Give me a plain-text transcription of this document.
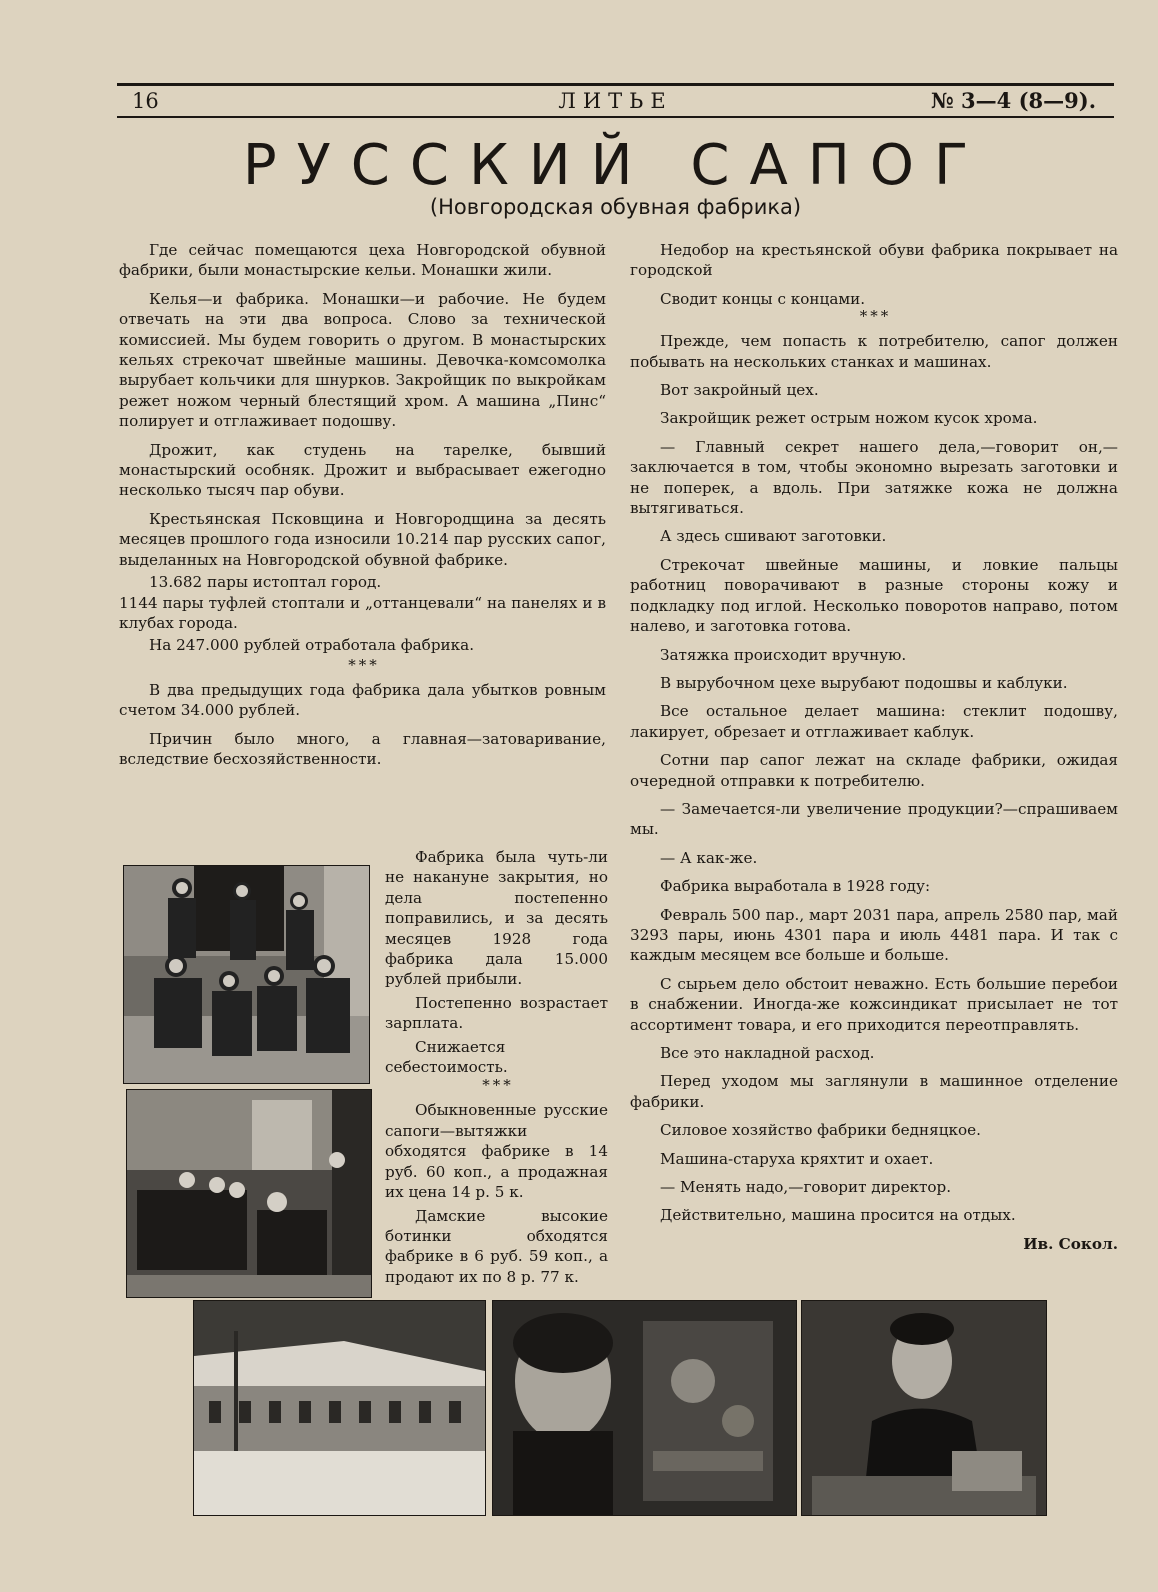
16	ЛИТЬЕ	№ 3—4 (8—9).
РУССКИЙ САПОГ
(Новгородская обувная фабрика)

Где сейчас помещаются цеха Новгородской обувной фабрики, были монастырские кельи. Монашки жили.

Келья—и фабрика. Монашки—и рабочие. Не будем отвечать на эти два вопроса. Слово за технической комиссией. Мы будем говорить о другом. В монастырских кельях стрекочат швейные машины. Девочка-комсомолка вырубает кольчики для шнурков. Закройщик по выкройкам режет ножом черный блестящий хром. А машина „Пинс“ полирует и отглаживает подошву.

Дрожит, как студень на тарелке, бывший монастырский особняк. Дрожит и выбрасывает ежегодно несколько тысяч пар обуви.

Крестьянская Псковщина и Новгородщина за десять месяцев прошлого года износили 10.214 пар русских сапог, выделанных на Новгородской обувной фабрике.

13.682 пары истоптал город.

1144 пары туфлей стоптали и „оттанцевали“ на панелях и в клубах города.

На 247.000 рублей отработала фабрика.

* * *

В два предыдущих года фабрика дала убытков ровным счетом 34.000 рублей.

Причин было много, а главная—затоваривание, вследствие бесхозяйственности.

Фабрика была чуть-ли не накануне закрытия, но дела постепенно поправились, и за десять месяцев 1928 года фабрика дала 15.000 рублей прибыли.

Постепенно возрастает зарплата.

Снижается себестоимость.

* * *

Обыкновенные русские сапоги—вытяжки обходятся фабрике в 14 руб. 60 коп., а продажная их цена 14 р. 5 к.

Дамские высокие ботинки обходятся фабрике в 6 руб. 59 коп., а продают их по 8 р. 77 к.

Недобор на крестьянской обуви фабрика покрывает на городской

Сводит концы с концами.

* * *

Прежде, чем попасть к потребителю, сапог должен побывать на нескольких станках и машинах.

Вот закройный цех.

Закройщик режет острым ножом кусок хрома.

— Главный секрет нашего дела,—говорит он,— заключается в том, чтобы экономно вырезать заготовки и не поперек, а вдоль. При затяжке кожа не должна вытягиваться.

А здесь сшивают заготовки.

Стрекочат швейные машины, и ловкие пальцы работниц поворачивают в разные стороны кожу и подкладку под иглой. Несколько поворотов направо, потом налево, и заготовка готова.

Затяжка происходит вручную.

В вырубочном цехе вырубают подошвы и каблуки.

Все остальное делает машина: стеклит подошву, лакирует, обрезает и отглаживает каблук.

Сотни пар сапог лежат на складе фабрики, ожидая очередной отправки к потребителю.

— Замечается-ли увеличение продукции?—спрашиваем мы.

— А как-же.

Фабрика выработала в 1928 году:

Февраль 500 пар., март 2031 пара, апрель 2580 пар, май 3293 пары, июнь 4301 пара и июль 4481 пара. И так с каждым месяцем все больше и больше.

С сырьем дело обстоит неважно. Есть большие перебои в снабжении. Иногда-же кожсиндикат присылает не тот ассортимент товара, и его приходится переотправлять.

Все это накладной расход.

Перед уходом мы заглянули в машинное отделение фабрики.

Силовое хозяйство фабрики бедняцкое.

Машина-старуха кряхтит и охает.

— Менять надо,—говорит директор.

Действительно, машина просится на отдых.

Ив. Сокол.
